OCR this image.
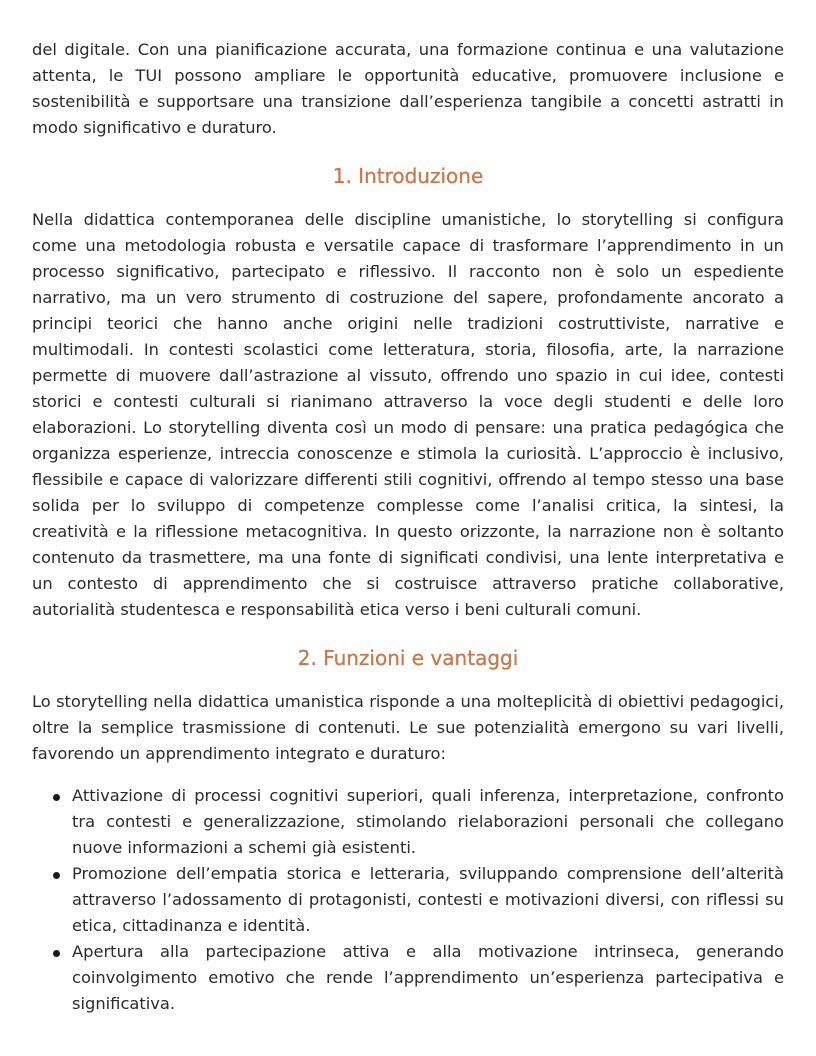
del digitale. Con una pianificazione accurata, una formazione continua e una valutazione attenta, le TUI possono ampliare le opportunità educative, promuovere inclusione e sostenibilità e supportsare una transizione dall’esperienza tangibile a concetti astratti in modo significativo e duraturo.

1. Introduzione

Nella didattica contemporanea delle discipline umanistiche, lo storytelling si configura come una metodologia robusta e versatile capace di trasformare l’apprendimento in un processo significativo, partecipato e riflessivo. Il racconto non è solo un espediente narrativo, ma un vero strumento di costruzione del sapere, profondamente ancorato a principi teorici che hanno anche origini nelle tradizioni costruttiviste, narrative e multimodali. In contesti scolastici come letteratura, storia, filosofia, arte, la narrazione permette di muovere dall’astrazione al vissuto, offrendo uno spazio in cui idee, contesti storici e contesti culturali si rianimano attraverso la voce degli studenti e delle loro elaborazioni. Lo storytelling diventa così un modo di pensare: una pratica pedagógica che organizza esperienze, intreccia conoscenze e stimola la curiosità. L’approccio è inclusivo, flessibile e capace di valorizzare differenti stili cognitivi, offrendo al tempo stesso una base solida per lo sviluppo di competenze complesse come l’analisi critica, la sintesi, la creatività e la riflessione metacognitiva. In questo orizzonte, la narrazione non è soltanto contenuto da trasmettere, ma una fonte di significati condivisi, una lente interpretativa e un contesto di apprendimento che si costruisce attraverso pratiche collaborative, autorialità studentesca e responsabilità etica verso i beni culturali comuni.

2. Funzioni e vantaggi

Lo storytelling nella didattica umanistica risponde a una molteplicità di obiettivi pedagogici, oltre la semplice trasmissione di contenuti. Le sue potenzialità emergono su vari livelli, favorendo un apprendimento integrato e duraturo:

Attivazione di processi cognitivi superiori, quali inferenza, interpretazione, confronto tra contesti e generalizzazione, stimolando rielaborazioni personali che collegano nuove informazioni a schemi già esistenti.
Promozione dell’empatia storica e letteraria, sviluppando comprensione dell’alterità attraverso l’adossamento di protagonisti, contesti e motivazioni diversi, con riflessi su etica, cittadinanza e identità.
Apertura alla partecipazione attiva e alla motivazione intrinseca, generando coinvolgimento emotivo che rende l’apprendimento un’esperienza partecipativa e significativa.
